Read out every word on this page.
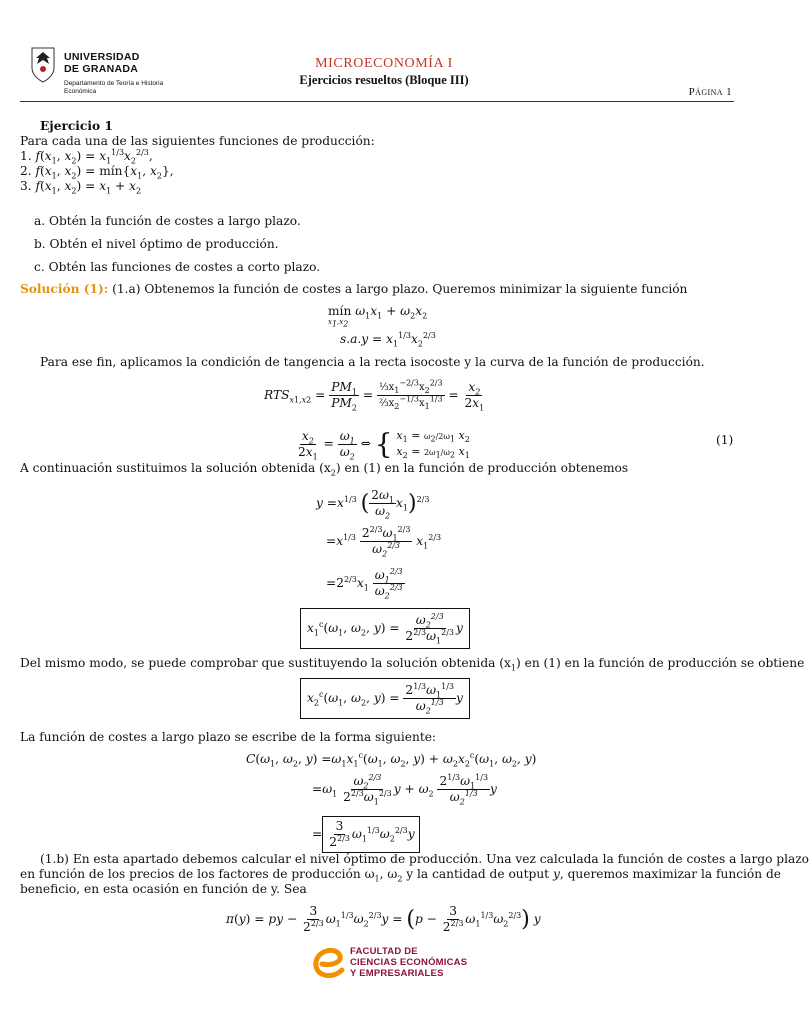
UNIVERSIDAD
DE GRANADA
Departamento de Teoría e Historia
Económica
MICROECONOMÍA I
Ejercicios resueltos (Bloque III)
Página 1
Ejercicio 1
Para cada una de las siguientes funciones de producción:
1. $f(x_1$, $x_2) = x_1^{1/3}x_2^{2/3}$,
2. $f(x_1$, $x_2$) = $mín\{x_1$, $x_2$},
3. $f(x_1$, $x_2) = x_1 + x_2$
a. Obtén la función de costes a largo plazo.
b. Obtén el nivel óptimo de producción.
c. Obtén las funciones de costes a corto plazo.
Solución (1): (1.a) Obtenemos la función de costes a largo plazo. Queremos minimizar la siguiente función
mín $\omega_1x_1 + \omega_2x_2$
$x_1,x_2$
$s.a.y = x_1^{1/3}x_2^{2/3}$
Para ese fin, aplicamos la condición de tangencia a la recta isocoste y la curva de la función de producción.
$RTS_{x1,x2} = \frac{PM_1}{PM_2} = \frac{\frac{1}{3}x_1^{-2/3}x_2^{2/3}}{\frac{2}{3}x_2^{-1/3}x_1^{1/3}} = \frac{x_2}{2x_1}$
$\frac{x_2}{2x_1} = \frac{\omega_1}{\omega_2}$ ⇔ { $x_1 = \omega_2/2\omega_1$ $x_2$
$x_2 = 2\omega_1/\omega_2$ $x_1$
(1)
A continuación sustituimos la solución obtenida $(x_2)$ en (1) en la función de producción obtenemos
$y =x^{1/3}$ ( $\frac{2\omega_1}{\omega_2} x_1)^{2/3}$
$=x^{1/3} \frac{2^{2/3}\omega_1^{2/3}}{\omega_2^{2/3}} x_1^{2/3}$
$=2^{2/3}x_1 \frac{\omega_1^{2/3}}{\omega_2^{2/3}}$
$x_1^c(\omega_1$, $\omega_2$, $y) = \frac{\omega_2^{2/3}}{2^{2/3}\omega_1^{2/3}}$ y
Del mismo modo, se puede comprobar que sustituyendo la solución obtenida $(x_1)$ en (1) en la función de producción se obtiene
$x_2^c(\omega_1$, $\omega_2$, $y) = \frac{2^{1/3}\omega_1^{1/3}}{\omega_2^{1/3}}$ y
La función de costes a largo plazo se escribe de la forma siguiente:
$C(\omega_1$, $\omega_2$, $y) =\omega_1x_1^c(\omega_1$, $\omega_2$, $y) + \omega_2x_2^c(\omega_1$, $\omega_2$, y)
$=\omega_1 \frac{\omega_2^{2/3}}{2^{2/3}\omega_1^{2/3}}$ $y + \omega_2 \frac{2^{1/3}\omega_1^{1/3}}{\omega_2^{1/3}}$ y
= $\frac{3}{2^{2/3}} \omega_1^{1/3}\omega_2^{2/3}y$
(1.b) En esta apartado debemos calcular el nivel óptimo de producción. Una vez calculada la función de costes a largo plazo
en función de los precios de los factores de producción $\omega_1$, $\omega_2$ y la cantidad de output y, queremos maximizar la función de
beneficio, en esta ocasión en función de y. Sea
π(y) = py − $\frac{3}{2^{2/3}} \omega_1^{1/3}\omega_2^{2/3}y = (p - \frac{3}{2^{2/3}} \omega_1^{1/3}\omega_2^{2/3})$ y
FACULTAD DE
CIENCIAS ECONÓMICAS
Y EMPRESARIALES
